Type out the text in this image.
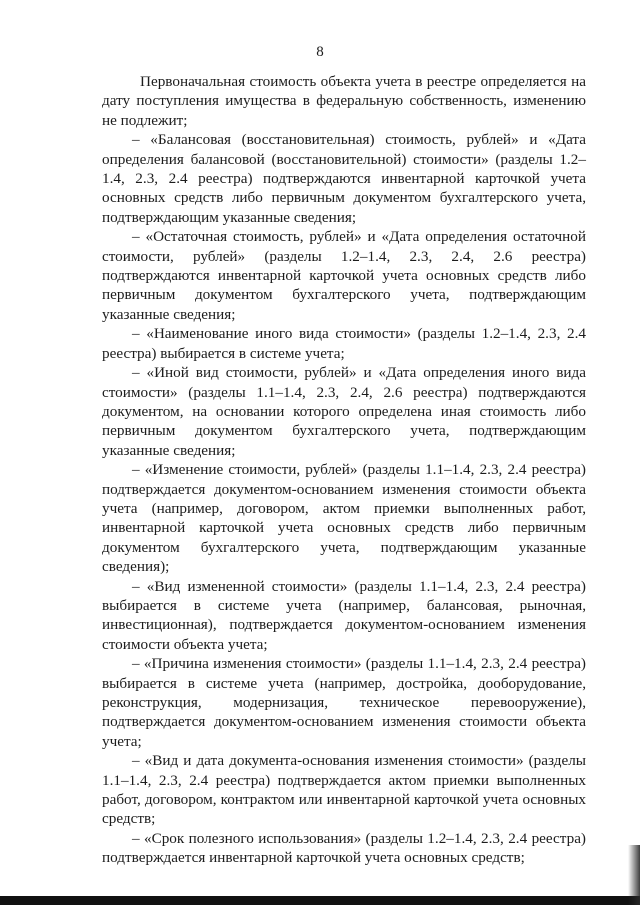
8

Первоначальная стоимость объекта учета в реестре определяется на дату поступления имущества в федеральную собственность, изменению не подлежит;

– «Балансовая (восстановительная) стоимость, рублей» и «Дата определения балансовой (восстановительной) стоимости» (разделы 1.2–1.4, 2.3, 2.4 реестра) подтверждаются инвентарной карточкой учета основных средств либо первичным документом бухгалтерского учета, подтверждающим указанные сведения;

– «Остаточная стоимость, рублей» и «Дата определения остаточной стоимости, рублей» (разделы 1.2–1.4, 2.3, 2.4, 2.6 реестра) подтверждаются инвентарной карточкой учета основных средств либо первичным документом бухгалтерского учета, подтверждающим указанные сведения;

– «Наименование иного вида стоимости» (разделы 1.2–1.4, 2.3, 2.4 реестра) выбирается в системе учета;

– «Иной вид стоимости, рублей» и «Дата определения иного вида стоимости» (разделы 1.1–1.4, 2.3, 2.4, 2.6 реестра) подтверждаются документом, на основании которого определена иная стоимость либо первичным документом бухгалтерского учета, подтверждающим указанные сведения;

– «Изменение стоимости, рублей» (разделы 1.1–1.4, 2.3, 2.4 реестра) подтверждается документом-основанием изменения стоимости объекта учета (например, договором, актом приемки выполненных работ, инвентарной карточкой учета основных средств либо первичным документом бухгалтерского учета, подтверждающим указанные сведения);

– «Вид измененной стоимости» (разделы 1.1–1.4, 2.3, 2.4 реестра) выбирается в системе учета (например, балансовая, рыночная, инвестиционная), подтверждается документом-основанием изменения стоимости объекта учета;

– «Причина изменения стоимости» (разделы 1.1–1.4, 2.3, 2.4 реестра) выбирается в системе учета (например, достройка, дооборудование, реконструкция, модернизация, техническое перевооружение), подтверждается документом-основанием изменения стоимости объекта учета;

– «Вид и дата документа-основания изменения стоимости» (разделы 1.1–1.4, 2.3, 2.4 реестра) подтверждается актом приемки выполненных работ, договором, контрактом или инвентарной карточкой учета основных средств;

– «Срок полезного использования» (разделы 1.2–1.4, 2.3, 2.4 реестра) подтверждается инвентарной карточкой учета основных средств;
